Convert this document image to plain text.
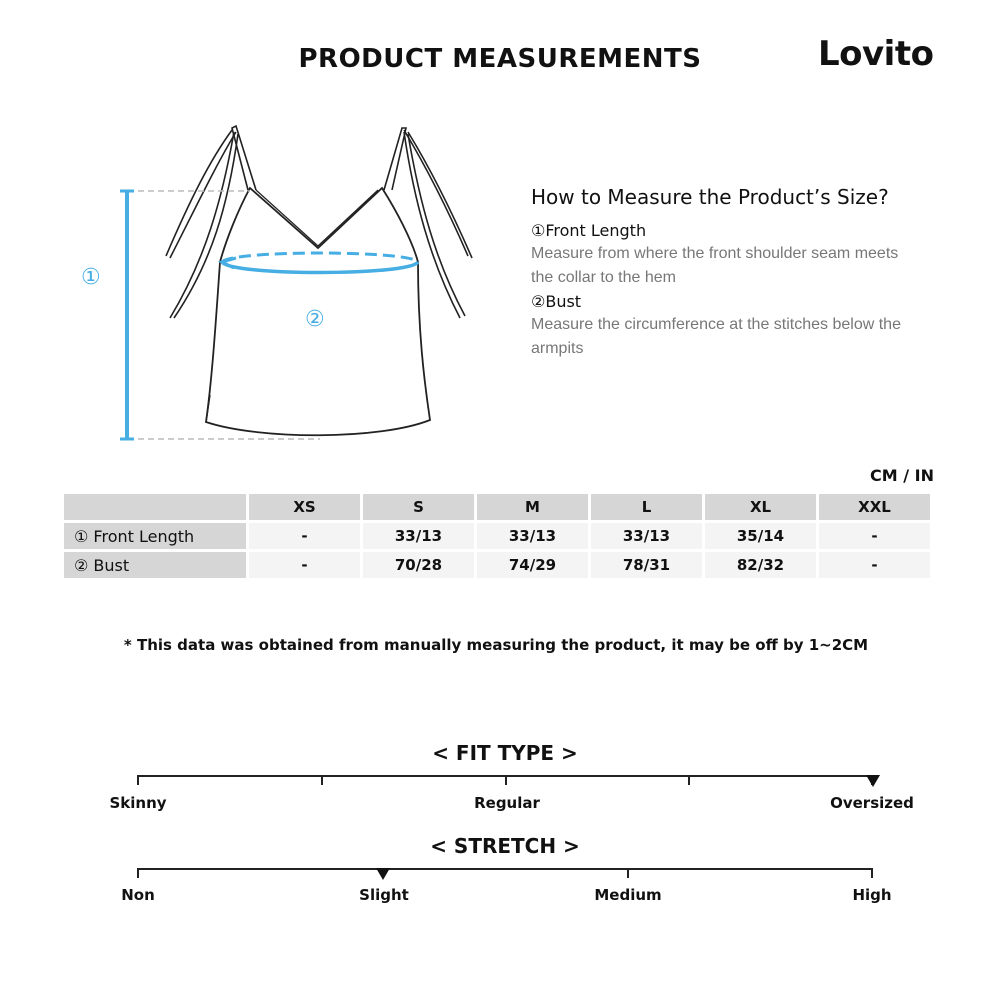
PRODUCT MEASUREMENTS	Lovito
①
②
How to Measure the Product’s Size?
①Front Length
Measure from where the front shoulder seam meets the collar to the hem
②Bust
Measure the circumference at the stitches below the armpits
CM / IN
	XS	S	M	L	XL	XXL
① Front Length	-	33/13	33/13	33/13	35/14	-
② Bust	-	70/28	74/29	78/31	82/32	-
* This data was obtained from manually measuring the product, it may be off by 1~2CM
< FIT TYPE >
Skinny	Regular	Oversized
< STRETCH >
Non	Slight	Medium	High
